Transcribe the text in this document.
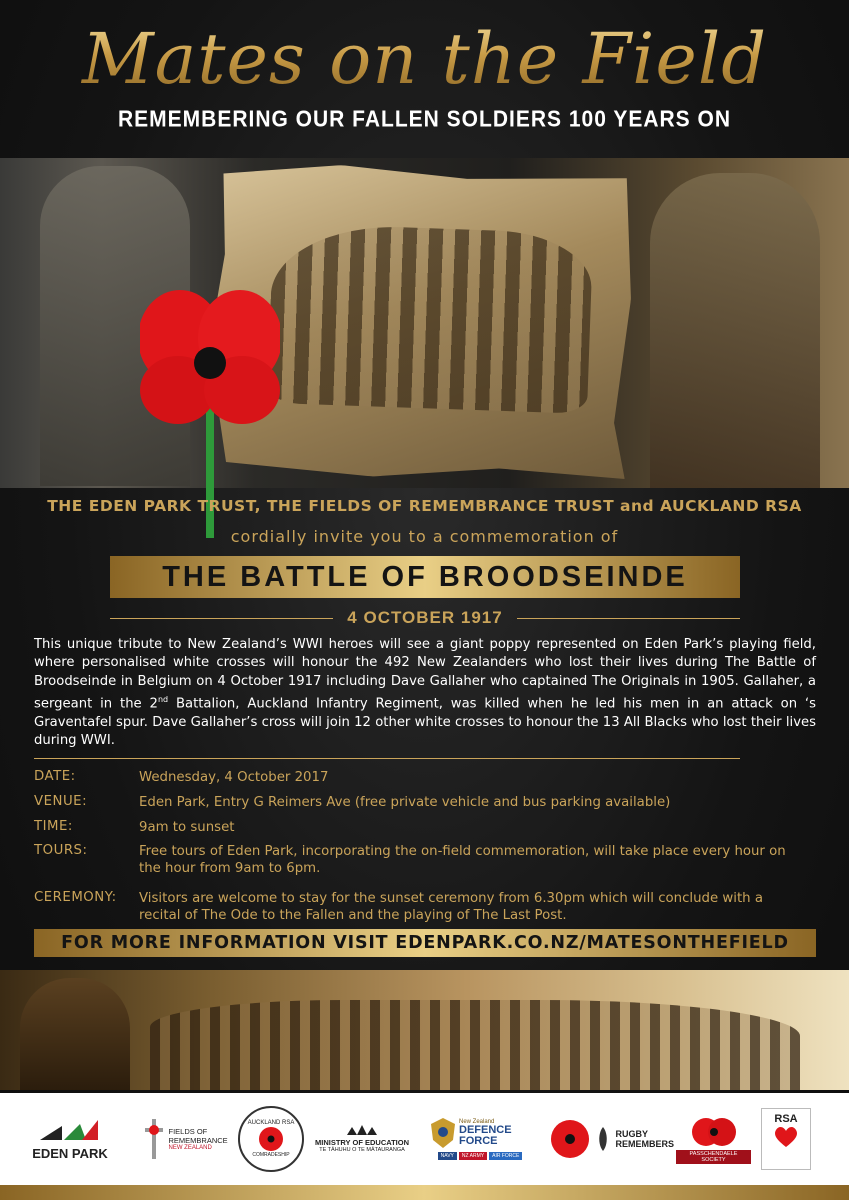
Mates on the Field
REMEMBERING OUR FALLEN SOLDIERS 100 YEARS ON
THE EDEN PARK TRUST, THE FIELDS OF REMEMBRANCE TRUST and AUCKLAND RSA
cordially invite you to a commemoration of
THE BATTLE OF BROODSEINDE
4 OCTOBER 1917
This unique tribute to New Zealand’s WWI heroes will see a giant poppy represented on Eden Park’s playing field, where personalised white crosses will honour the 492 New Zealanders who lost their lives during The Battle of Broodseinde in Belgium on 4 October 1917 including Dave Gallaher who captained The Originals in 1905. Gallaher, a sergeant in the 2nd Battalion, Auckland Infantry Regiment, was killed when he led his men in an attack on ‘s Graventafel spur. Dave Gallaher’s cross will join 12 other white crosses to honour the 13 All Blacks who lost their lives during WWI.
DATE:	Wednesday, 4 October 2017
VENUE:	Eden Park, Entry G Reimers Ave (free private vehicle and bus parking available)
TIME:	9am to sunset
TOURS:	Free tours of Eden Park, incorporating the on-field commemoration, will take place every hour on the hour from 9am to 6pm.
CEREMONY:	Visitors are welcome to stay for the sunset ceremony from 6.30pm which will conclude with a recital of The Ode to the Fallen and the playing of The Last Post.
FOR MORE INFORMATION VISIT EDENPARK.CO.NZ/MATESONTHEFIELD
EDEN PARK
FIELDS OF REMEMBRANCE
NEW ZEALAND
AUCKLAND RSA
COMRADESHIP
MINISTRY OF EDUCATION
TE TĀHUHU O TE MĀTAURANGA
New Zealand
DEFENCE FORCE
NAVY	NZ ARMY	AIR FORCE
RUGBY REMEMBERS
PASSCHENDAELE SOCIETY
RSA
